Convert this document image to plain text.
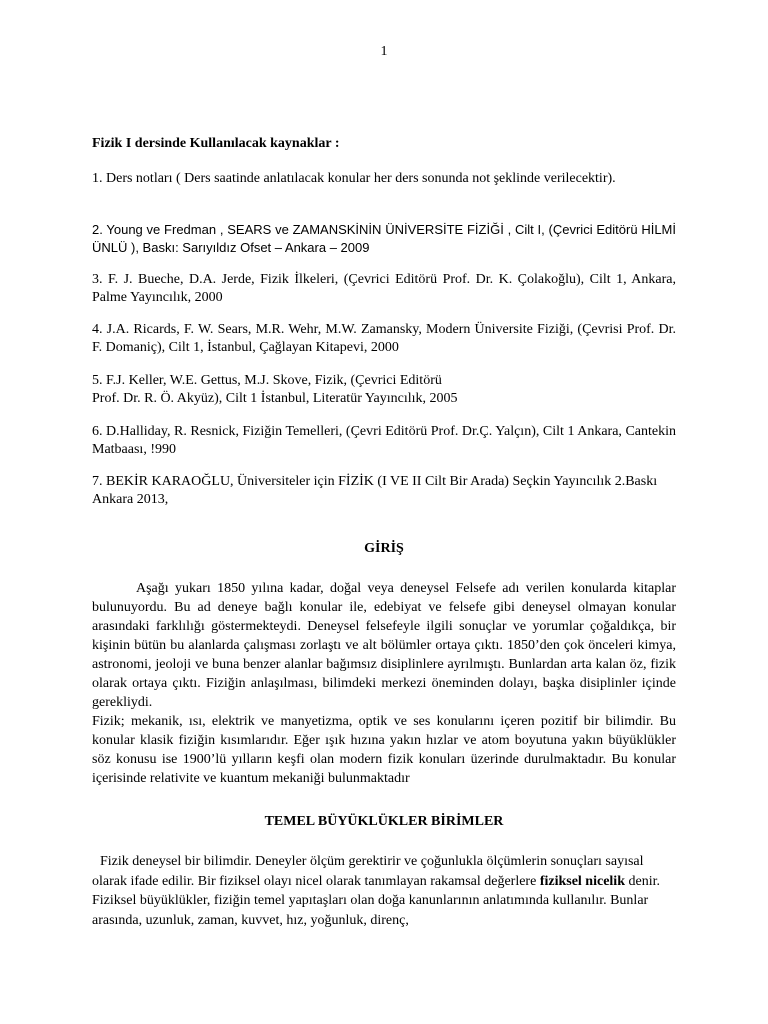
1
Fizik I dersinde Kullanılacak kaynaklar :

1. Ders notları ( Ders saatinde anlatılacak konular her ders sonunda not şeklinde verilecektir).

2. Young ve Fredman , SEARS ve ZAMANSKİNİN ÜNİVERSİTE FİZİĞİ , Cilt I, (Çevrici Editörü HİLMİ ÜNLÜ ), Baskı: Sarıyıldız Ofset – Ankara – 2009

3. F. J. Bueche, D.A. Jerde, Fizik İlkeleri, (Çevrici Editörü Prof. Dr. K. Çolakoğlu), Cilt 1, Ankara, Palme Yayıncılık, 2000

4. J.A. Ricards, F. W. Sears, M.R. Wehr, M.W. Zamansky, Modern Üniversite Fiziği, (Çevrisi Prof. Dr. F. Domaniç), Cilt 1, İstanbul, Çağlayan Kitapevi, 2000

5. F.J. Keller, W.E. Gettus, M.J. Skove, Fizik, (Çevrici Editörü

Prof. Dr. R. Ö. Akyüz), Cilt 1 İstanbul, Literatür Yayıncılık, 2005

6. D.Halliday, R. Resnick, Fiziğin Temelleri, (Çevri Editörü Prof. Dr.Ç. Yalçın), Cilt 1 Ankara, Cantekin Matbaası, !990

7. BEKİR KARAOĞLU, Üniversiteler için FİZİK (I VE II Cilt Bir Arada) Seçkin Yayıncılık 2.Baskı Ankara 2013,

GİRİŞ

Aşağı yukarı 1850 yılına kadar, doğal veya deneysel Felsefe adı verilen konularda kitaplar bulunuyordu. Bu ad deneye bağlı konular ile, edebiyat ve felsefe gibi deneysel olmayan konular arasındaki farklılığı göstermekteydi. Deneysel felsefeyle ilgili sonuçlar ve yorumlar çoğaldıkça, bir kişinin bütün bu alanlarda çalışması zorlaştı ve alt bölümler ortaya çıktı. 1850’den çok önceleri kimya, astronomi, jeoloji ve buna benzer alanlar bağımsız disiplinlere ayrılmıştı. Bunlardan arta kalan öz, fizik olarak ortaya çıktı. Fiziğin anlaşılması, bilimdeki merkezi öneminden dolayı, başka disiplinler içinde gerekliydi.

Fizik; mekanik, ısı, elektrik ve manyetizma, optik ve ses konularını içeren pozitif bir bilimdir. Bu konular klasik fiziğin kısımlarıdır. Eğer ışık hızına yakın hızlar ve atom boyutuna yakın büyüklükler söz konusu ise 1900’lü yılların keşfi olan modern fizik konuları üzerinde durulmaktadır. Bu konular içerisinde relativite ve kuantum mekaniği bulunmaktadır

TEMEL BÜYÜKLÜKLER BİRİMLER

Fizik deneysel bir bilimdir. Deneyler ölçüm gerektirir ve çoğunlukla ölçümlerin sonuçları sayısal olarak ifade edilir. Bir fiziksel olayı nicel olarak tanımlayan rakamsal değerlere fiziksel nicelik denir. Fiziksel büyüklükler, fiziğin temel yapıtaşları olan doğa kanunlarının anlatımında kullanılır. Bunlar arasında, uzunluk, zaman, kuvvet, hız, yoğunluk, direnç,
